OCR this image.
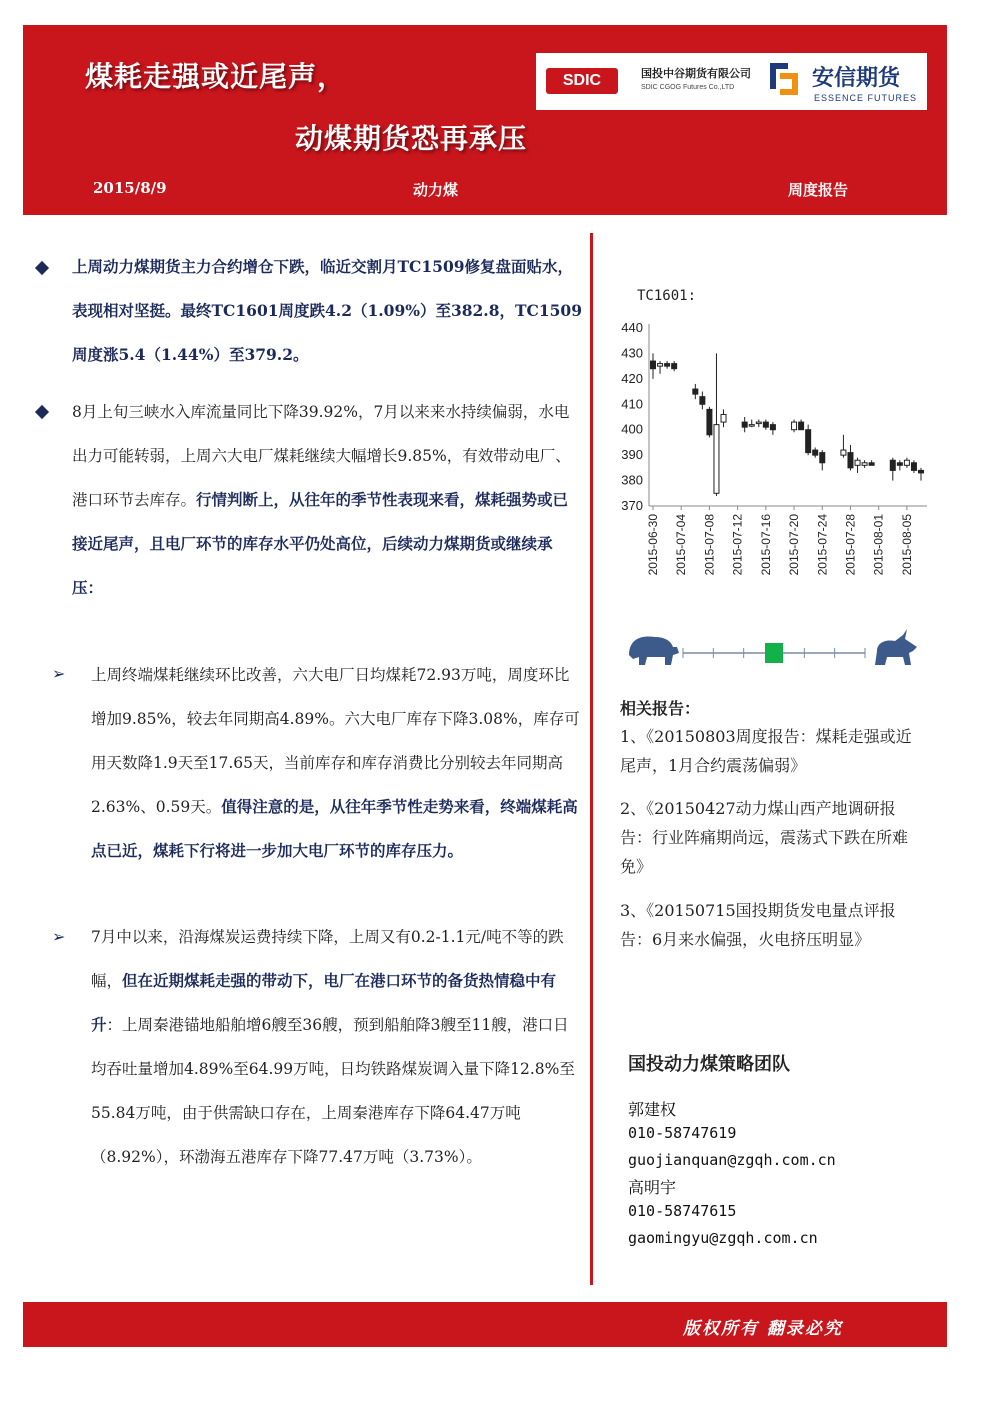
煤耗走强或近尾声，
动煤期货恐再承压
SDIC	国投中谷期货有限公司
SDIC CGOG Futures Co.,LTD	安信期货
ESSENCE FUTURES
2015/8/9	动力煤	周度报告
上周动力煤期货主力合约增仓下跌，临近交割月TC1509修复盘面贴水，表现相对坚挺。最终TC1601周度跌4.2（1.09%）至382.8，TC1509周度涨5.4（1.44%）至379.2。
8月上旬三峡水入库流量同比下降39.92%，7月以来来水持续偏弱，水电出力可能转弱，上周六大电厂煤耗继续大幅增长9.85%，有效带动电厂、港口环节去库存。行情判断上，从往年的季节性表现来看，煤耗强势或已接近尾声，且电厂环节的库存水平仍处高位，后续动力煤期货或继续承压：
➢ 上周终端煤耗继续环比改善，六大电厂日均煤耗72.93万吨，周度环比增加9.85%，较去年同期高4.89%。六大电厂库存下降3.08%，库存可用天数降1.9天至17.65天，当前库存和库存消费比分别较去年同期高2.63%、0.59天。值得注意的是，从往年季节性走势来看，终端煤耗高点已近，煤耗下行将进一步加大电厂环节的库存压力。
➢ 7月中以来，沿海煤炭运费持续下降，上周又有0.2-1.1元/吨不等的跌幅，但在近期煤耗走强的带动下，电厂在港口环节的备货热情稳中有升：上周秦港锚地船舶增6艘至36艘，预到船舶降3艘至11艘，港口日均吞吐量增加4.89%至64.99万吨，日均铁路煤炭调入量下降12.8%至55.84万吨，由于供需缺口存在，上周秦港库存下降64.47万吨（8.92%），环渤海五港库存下降77.47万吨（3.73%）。
TC1601:
370
380
390
400
410
420
430
440
2015-06-30 2015-07-04 2015-07-08 2015-07-12 2015-07-16 2015-07-20 2015-07-24 2015-07-28 2015-08-01 2015-08-05
相关报告：
1、《20150803周度报告：煤耗走强或近尾声，1月合约震荡偏弱》
2、《20150427动力煤山西产地调研报告：行业阵痛期尚远，震荡式下跌在所难免》
3、《20150715国投期货发电量点评报告：6月来水偏强，火电挤压明显》
国投动力煤策略团队
郭建权
010-58747619
guojianquan@zgqh.com.cn
高明宇
010-58747615
gaomingyu@zgqh.com.cn
版权所有 翻录必究
